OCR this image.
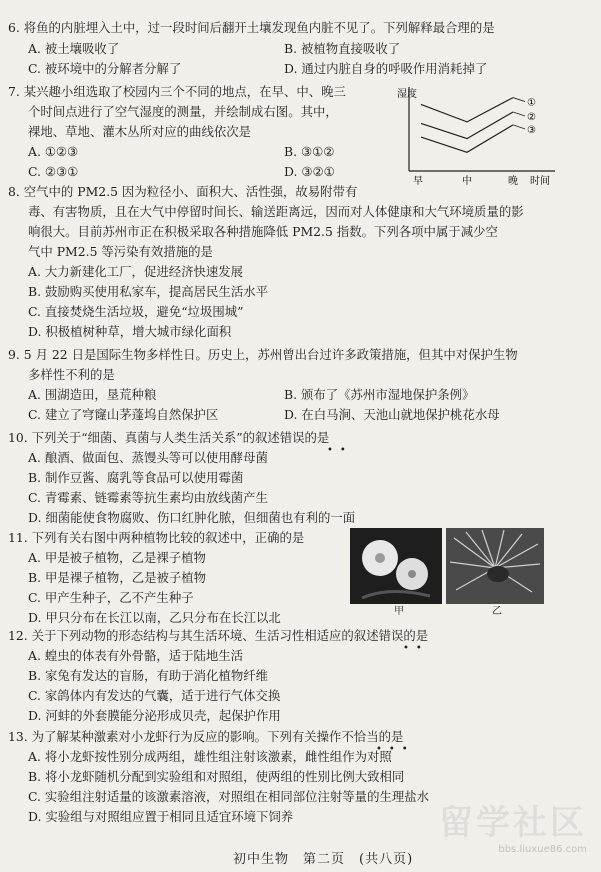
6. 将鱼的内脏埋入土中，过一段时间后翻开土壤发现鱼内脏不见了。下列解释最合理的是
A. 被土壤吸收了	B. 被植物直接吸收了
C. 被环境中的分解者分解了	D. 通过内脏自身的呼吸作用消耗掉了
7. 某兴趣小组选取了校园内三个不同的地点，在早、中、晚三
个时间点进行了空气湿度的测量，并绘制成右图。其中，
裸地、草地、灌木丛所对应的曲线依次是
A. ①②③	B. ③①②
C. ②③①	D. ③②①
湿度
①
②
③
早	中	晚 时间
8. 空气中的 PM2.5 因为粒径小、面积大、活性强，故易附带有
毒、有害物质，且在大气中停留时间长、输送距离远，因而对人体健康和大气环境质量的影
响很大。目前苏州市正在积极采取各种措施降低 PM2.5 指数。下列各项中属于减少空
气中 PM2.5 等污染有效措施的是
A. 大力新建化工厂，促进经济快速发展
B. 鼓励购买使用私家车，提高居民生活水平
C. 直接焚烧生活垃圾，避免“垃圾围城”
D. 积极植树种草，增大城市绿化面积
9. 5 月 22 日是国际生物多样性日。历史上，苏州曾出台过许多政策措施，但其中对保护生物
多样性不利的是
A. 围湖造田，垦荒种粮	B. 颁布了《苏州市湿地保护条例》
C. 建立了穹窿山茅蓬坞自然保护区	D. 在白马涧、天池山就地保护桃花水母
10. 下列关于“细菌、真菌与人类生活关系”的叙述错误的是
••
A. 酿酒、做面包、蒸馒头等可以使用酵母菌
B. 制作豆酱、腐乳等食品可以使用霉菌
C. 青霉素、链霉素等抗生素均由放线菌产生
D. 细菌能使食物腐败、伤口红肿化脓，但细菌也有利的一面
11. 下列有关右图中两种植物比较的叙述中，正确的是
A. 甲是被子植物，乙是裸子植物
B. 甲是裸子植物，乙是被子植物
C. 甲产生种子，乙不产生种子
D. 甲只分布在长江以南，乙只分布在长江以北	甲	乙
12. 关于下列动物的形态结构与其生活环境、生活习性相适应的叙述错误的是
••
A. 蝗虫的体表有外骨骼，适于陆地生活
B. 家兔有发达的盲肠，有助于消化植物纤维
C. 家鸽体内有发达的气囊，适于进行气体交换
D. 河蚌的外套膜能分泌形成贝壳，起保护作用
13. 为了解某种激素对小龙虾行为反应的影响。下列有关操作不恰当的是
•••
A. 将小龙虾按性别分成两组，雄性组注射该激素，雌性组作为对照
B. 将小龙虾随机分配到实验组和对照组，使两组的性别比例大致相同
C. 实验组注射适量的该激素溶液，对照组在相同部位注射等量的生理盐水
D. 实验组与对照组应置于相同且适宜环境下饲养
初中生物　第二页　(共八页)
留学社区
bbs.liuxue86.com
